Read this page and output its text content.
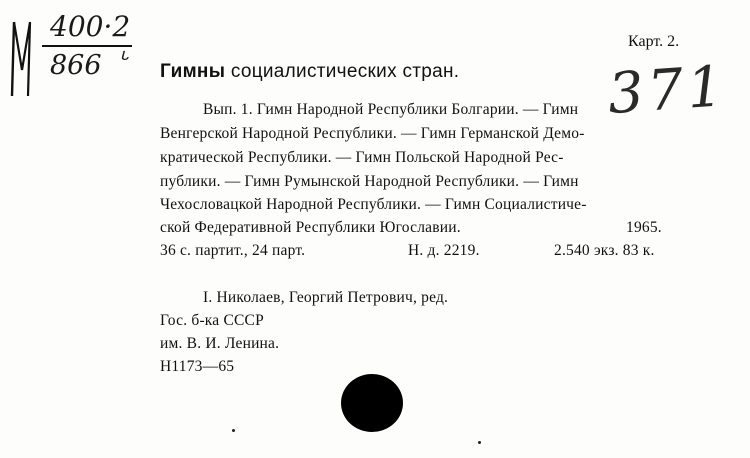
400·2
866 ᒡ
Карт. 2.
Гимны социалистических стран.	371
Вып. 1. Гимн Народной Республики Болгарии. — Гимн
Венгерской Народной Республики. — Гимн Германской Демо-
кратической Республики. — Гимн Польской Народной Рес-
публики. — Гимн Румынской Народной Республики. — Гимн
Чехословацкой Народной Республики. — Гимн Социалистиче-
ской Федеративной Республики Югославии.	1965.
36 с. партит., 24 парт.	Н. д. 2219.	2.540 экз. 83 к.
I. Николаев, Георгий Петрович, ред.
Гос. б-ка СССР
им. В. И. Ленина.
Н1173—65
